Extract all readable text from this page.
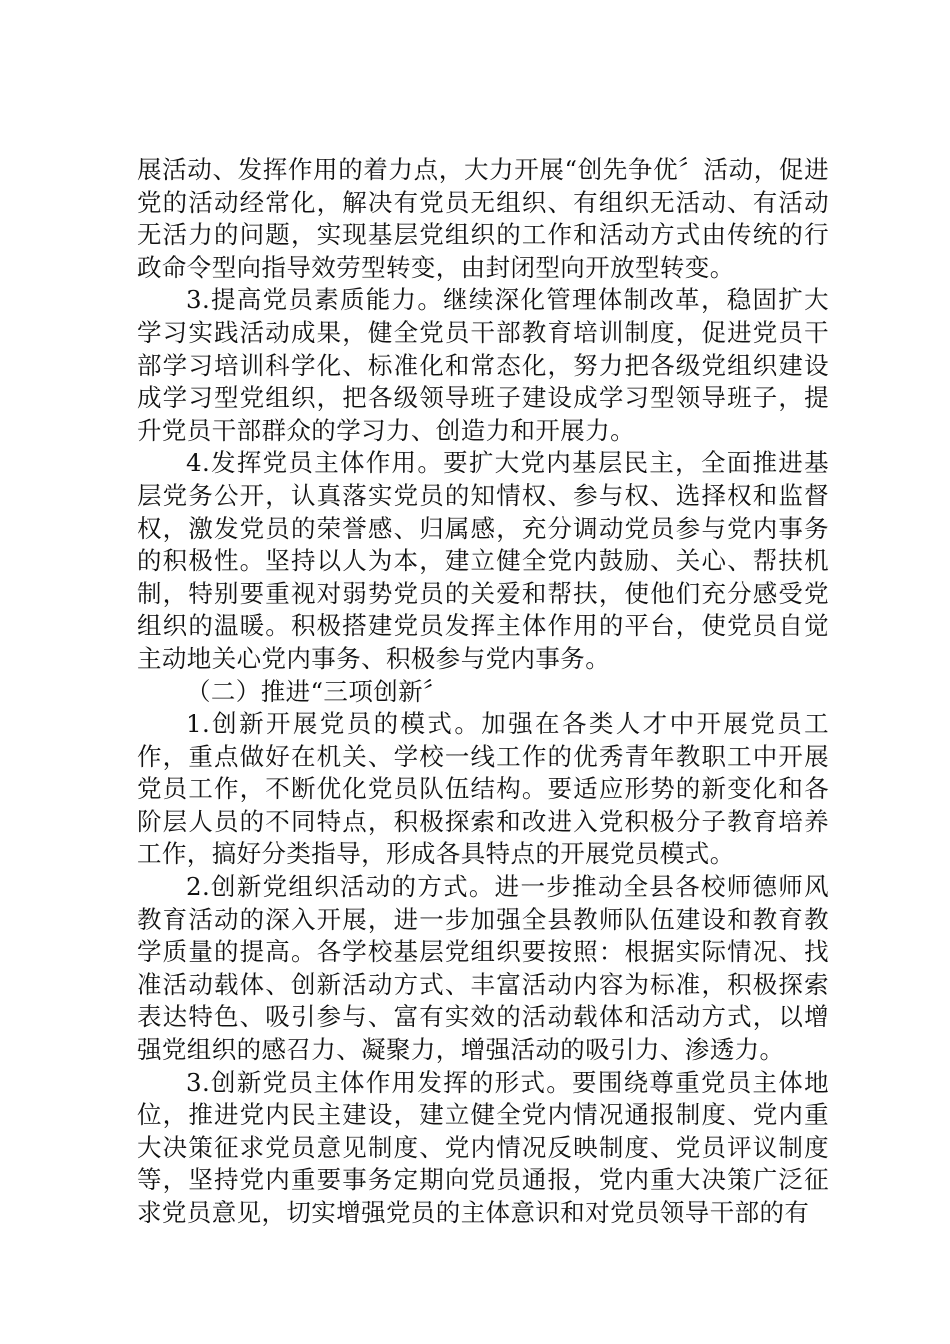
展活动、发挥作用的着力点，大力开展“创先争优〞活动，促进党的活动经常化，解决有党员无组织、有组织无活动、有活动无活力的问题，实现基层党组织的工作和活动方式由传统的行政命令型向指导效劳型转变，由封闭型向开放型转变。

3.提高党员素质能力。继续深化管理体制改革，稳固扩大学习实践活动成果，健全党员干部教育培训制度，促进党员干部学习培训科学化、标准化和常态化，努力把各级党组织建设成学习型党组织，把各级领导班子建设成学习型领导班子，提升党员干部群众的学习力、创造力和开展力。

4.发挥党员主体作用。要扩大党内基层民主，全面推进基层党务公开，认真落实党员的知情权、参与权、选择权和监督权，激发党员的荣誉感、归属感，充分调动党员参与党内事务的积极性。坚持以人为本，建立健全党内鼓励、关心、帮扶机制，特别要重视对弱势党员的关爱和帮扶，使他们充分感受党组织的温暖。积极搭建党员发挥主体作用的平台，使党员自觉主动地关心党内事务、积极参与党内事务。

（二）推进“三项创新〞

1.创新开展党员的模式。加强在各类人才中开展党员工作，重点做好在机关、学校一线工作的优秀青年教职工中开展党员工作，不断优化党员队伍结构。要适应形势的新变化和各阶层人员的不同特点，积极探索和改进入党积极分子教育培养工作，搞好分类指导，形成各具特点的开展党员模式。

2.创新党组织活动的方式。进一步推动全县各校师德师风教育活动的深入开展，进一步加强全县教师队伍建设和教育教学质量的提高。各学校基层党组织要按照：根据实际情况、找准活动载体、创新活动方式、丰富活动内容为标准，积极探索表达特色、吸引参与、富有实效的活动载体和活动方式，以增强党组织的感召力、凝聚力，增强活动的吸引力、渗透力。

3.创新党员主体作用发挥的形式。要围绕尊重党员主体地位，推进党内民主建设，建立健全党内情况通报制度、党内重大决策征求党员意见制度、党内情况反映制度、党员评议制度等，坚持党内重要事务定期向党员通报，党内重大决策广泛征求党员意见，切实增强党员的主体意识和对党员领导干部的有
